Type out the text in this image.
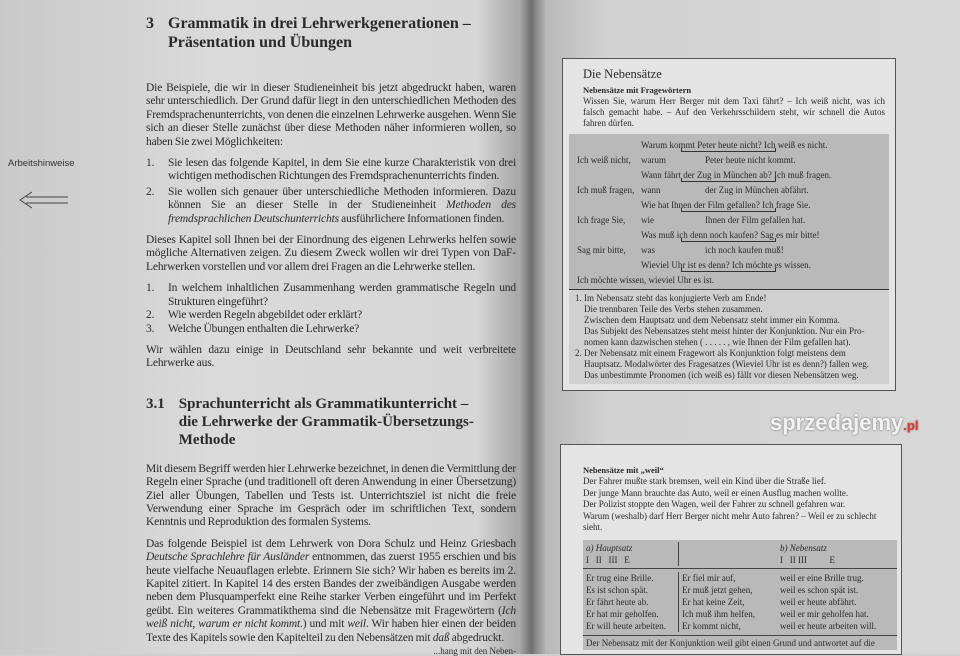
Arbeitshinweise
3 Grammatik in drei Lehrwerkgenerationen –
Präsentation und Übungen
Die Beispiele, die wir in dieser Studieneinheit bis jetzt abgedruckt haben, waren sehr unterschiedlich. Der Grund dafür liegt in den unterschiedlichen Methoden des Fremdsprachenunterrichts, von denen die einzelnen Lehrwerke ausgehen. Wenn Sie sich an dieser Stelle zunächst über diese Methoden näher informieren wollen, so haben Sie zwei Möglichkeiten:
1.	Sie lesen das folgende Kapitel, in dem Sie eine kurze Charakteristik von drei wichtigen methodischen Richtungen des Fremdsprachenunterrichts finden.
2.	Sie wollen sich genauer über unterschiedliche Methoden informieren. Dazu können Sie an dieser Stelle in der Studieneinheit Methoden des fremdsprachlichen Deutschunterrichts ausführlichere Informationen finden.
Dieses Kapitel soll Ihnen bei der Einordnung des eigenen Lehrwerks helfen sowie mögliche Alternativen zeigen. Zu diesem Zweck wollen wir drei Typen von DaF-Lehrwerken vorstellen und vor allem drei Fragen an die Lehrwerke stellen.
1.	In welchem inhaltlichen Zusammenhang werden grammatische Regeln und Strukturen eingeführt?
2.	Wie werden Regeln abgebildet oder erklärt?
3.	Welche Übungen enthalten die Lehrwerke?
Wir wählen dazu einige in Deutschland sehr bekannte und weit verbreitete Lehrwerke aus.
3.1 Sprachunterricht als Grammatikunterricht –
die Lehrwerke der Grammatik-Übersetzungs-Methode
Mit diesem Begriff werden hier Lehrwerke bezeichnet, in denen die Vermittlung der Regeln einer Sprache (und traditionell oft deren Anwendung in einer Übersetzung) Ziel aller Übungen, Tabellen und Tests ist. Unterrichtsziel ist nicht die freie Verwendung einer Sprache im Gespräch oder im schriftlichen Text, sondern Kenntnis und Reproduktion des formalen Systems.
Das folgende Beispiel ist dem Lehrwerk von Dora Schulz und Heinz Griesbach Deutsche Sprachlehre für Ausländer entnommen, das zuerst 1955 erschien und bis heute vielfache Neuauflagen erlebte. Erinnern Sie sich? Wir haben es bereits im 2. Kapitel zitiert. In Kapitel 14 des ersten Bandes der zweibändigen Ausgabe werden neben dem Plusquamperfekt eine Reihe starker Verben eingeführt und im Perfekt geübt. Ein weiteres Grammatikthema sind die Nebensätze mit Fragewörtern (Ich weiß nicht, warum er nicht kommt.) und mit weil. Wir haben hier einen der beiden Texte des Kapitels sowie den Kapitelteil zu den Nebensätzen mit daß abgedruckt.
...hang mit den Neben-
Die Nebensätze
Nebensätze mit Fragewörtern
Wissen Sie, warum Herr Berger mit dem Taxi fährt? – Ich weiß nicht, was ich falsch gemacht habe. – Auf den Verkehrsschildern steht, wir schnell die Autos fahren dürfen.
Warum kommt Peter heute nicht? Ich weiß es nicht.
Ich weiß nicht,	warum	Peter heute nicht kommt.
Wann fährt der Zug in München ab? Ich muß fragen.
Ich muß fragen, wann	der Zug in München abfährt.
Wie hat Ihnen der Film gefallen? Ich frage Sie.
Ich frage Sie,	wie	Ihnen der Film gefallen hat.
Was muß ich denn noch kaufen? Sag es mir bitte!
Sag mir bitte,	was	ich noch kaufen muß!
Wieviel Uhr ist es denn? Ich möchte es wissen.
Ich möchte wissen, wieviel Uhr es ist.
1. Im Nebensatz steht das konjugierte Verb am Ende!
Die trennbaren Teile des Verbs stehen zusammen.
Zwischen dem Hauptsatz und dem Nebensatz steht immer ein Komma.
Das Subjekt des Nebensatzes steht meist hinter der Konjunktion. Nur ein Pro-
nomen kann dazwischen stehen ( . . . . . , wie Ihnen der Film gefallen hat).
2. Der Nebensatz mit einem Fragewort als Konjunktion folgt meistens dem
Hauptsatz. Modalwörter des Fragesatzes (Wieviel Uhr ist es denn?) fallen weg.
Das unbestimmte Pronomen (ich weiß es) fällt vor diesen Nebensätzen weg.
sprzedajemy.pl
Nebensätze mit „weil“
Der Fahrer mußte stark bremsen, weil ein Kind über die Straße lief.
Der junge Mann brauchte das Auto, weil er einen Ausflug machen wollte.
Der Polizist stoppte den Wagen, weil der Fahrer zu schnell gefahren war.
Warum (weshalb) darf Herr Berger nicht mehr Auto fahren? – Weil er zu schlecht
sieht.
a) Hauptsatz
I   II   III   E
b) Nebensatz
I   II III          E
Er trug eine Brille.	Er fiel mir auf,	weil er eine Brille trug.
Es ist schon spät.	Er muß jetzt gehen,	weil es schon spät ist.
Er fährt heute ab.	Er hat keine Zeit,	weil er heute abfährt.
Er hat mir geholfen.	Ich muß ihm helfen,	weil er mir geholfen hat.
Er will heute arbeiten.	Er kommt nicht,	weil er heute arbeiten will.
Der Nebensatz mit der Konjunktion weil gibt einen Grund und antwortet auf die
